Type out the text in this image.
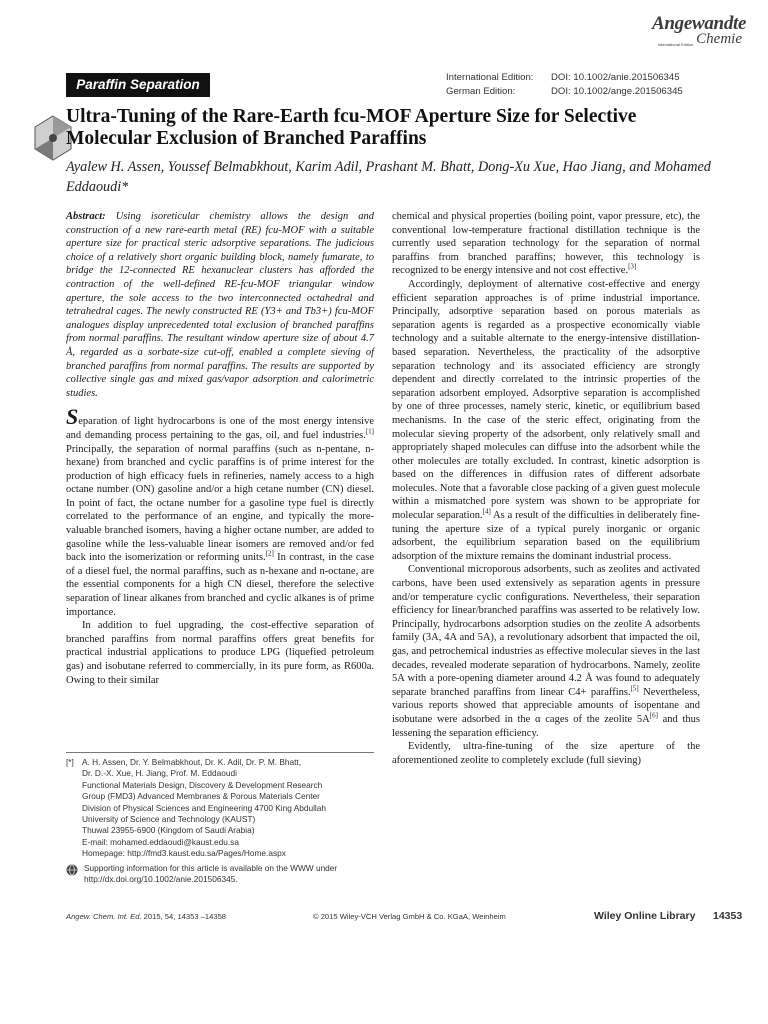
Angewandte
International Edition Chemie
Paraffin Separation	International Edition:	DOI: 10.1002/anie.201506345
German Edition:	DOI: 10.1002/ange.201506345
Ultra-Tuning of the Rare-Earth fcu-MOF Aperture Size for Selective Molecular Exclusion of Branched Paraffins
Ayalew H. Assen, Youssef Belmabkhout, Karim Adil, Prashant M. Bhatt, Dong-Xu Xue, Hao Jiang, and Mohamed Eddaoudi*

Abstract: Using isoreticular chemistry allows the design and construction of a new rare-earth metal (RE) fcu-MOF with a suitable aperture size for practical steric adsorptive separations. The judicious choice of a relatively short organic building block, namely fumarate, to bridge the 12-connected RE hexanuclear clusters has afforded the contraction of the well-defined RE-fcu-MOF triangular window aperture, the sole access to the two interconnected octahedral and tetrahedral cages. The newly constructed RE (Y3+ and Tb3+) fcu-MOF analogues display unprecedented total exclusion of branched paraffins from normal paraffins. The resultant window aperture size of about 4.7 Å, regarded as a sorbate-size cut-off, enabled a complete sieving of branched paraffins from normal paraffins. The results are supported by collective single gas and mixed gas/vapor adsorption and calorimetric studies.

Separation of light hydrocarbons is one of the most energy intensive and demanding process pertaining to the gas, oil, and fuel industries.[1] Principally, the separation of normal paraffins (such as n-pentane, n-hexane) from branched and cyclic paraffins is of prime interest for the production of high efficacy fuels in refineries, namely access to a high octane number (ON) gasoline and/or a high cetane number (CN) diesel. In point of fact, the octane number for a gasoline type fuel is directly correlated to the performance of an engine, and typically the more-valuable branched isomers, having a higher octane number, are added to gasoline while the less-valuable linear isomers are removed and/or fed back into the isomerization or reforming units.[2] In contrast, in the case of a diesel fuel, the normal paraffins, such as n-hexane and n-octane, are the essential components for a high CN diesel, therefore the selective separation of linear alkanes from branched and cyclic alkanes is of prime importance.

In addition to fuel upgrading, the cost-effective separation of branched paraffins from normal paraffins offers great benefits for practical industrial applications to produce LPG (liquefied petroleum gas) and isobutane referred to commercially, in its pure form, as R600a. Owing to their similar

chemical and physical properties (boiling point, vapor pressure, etc), the conventional low-temperature fractional distillation technique is the currently used separation technology for the separation of normal paraffins from branched paraffins; however, this technology is recognized to be energy intensive and not cost effective.[3]

Accordingly, deployment of alternative cost-effective and energy efficient separation approaches is of prime industrial importance. Principally, adsorptive separation based on porous materials as separation agents is regarded as a prospective economically viable technology and a suitable alternate to the energy-intensive distillation-based separation. Nevertheless, the practicality of the adsorptive separation technology and its associated efficiency are strongly dependent and directly correlated to the intrinsic properties of the separation adsorbent employed. Adsorptive separation is accomplished by one of three processes, namely steric, kinetic, or equilibrium based mechanisms. In the case of the steric effect, originating from the molecular sieving property of the adsorbent, only relatively small and appropriately shaped molecules can diffuse into the adsorbent while the other molecules are totally excluded. In contrast, kinetic adsorption is based on the differences in diffusion rates of different adsorbate molecules. Note that a favorable close packing of a given guest molecule within a mismatched pore system was shown to be appropriate for molecular separation.[4] As a result of the difficulties in deliberately fine-tuning the aperture size of a typical purely inorganic or organic adsorbent, the equilibrium separation based on the equilibrium adsorption of the mixture remains the dominant industrial process.

Conventional microporous adsorbents, such as zeolites and activated carbons, have been used extensively as separation agents in pressure and/or temperature cyclic configurations. Nevertheless, their separation efficiency for linear/branched paraffins was asserted to be relatively low. Principally, hydrocarbons adsorption studies on the zeolite A adsorbents family (3A, 4A and 5A), a revolutionary adsorbent that impacted the oil, gas, and petrochemical industries as effective molecular sieves in the last decades, revealed moderate separation of hydrocarbons. Namely, zeolite 5A with a pore-opening diameter around 4.2 Å was found to adequately separate branched paraffins from linear C4+ paraffins.[5] Nevertheless, various reports showed that appreciable amounts of isopentane and isobutane were adsorbed in the α cages of the zeolite 5A[6] and thus lessening the separation efficiency.

Evidently, ultra-fine-tuning of the size aperture of the aforementioned zeolite to completely exclude (full sieving)

[*] A. H. Assen, Dr. Y. Belmabkhout, Dr. K. Adil, Dr. P. M. Bhatt,
Dr. D.-X. Xue, H. Jiang, Prof. M. Eddaoudi
Functional Materials Design, Discovery & Development Research
Group (FMD3) Advanced Membranes & Porous Materials Center
Division of Physical Sciences and Engineering 4700 King Abdullah
University of Science and Technology (KAUST)
Thuwal 23955-6900 (Kingdom of Saudi Arabia)
E-mail: mohamed.eddaoudi@kaust.edu.sa
Homepage: http://fmd3.kaust.edu.sa/Pages/Home.aspx
Supporting information for this article is available on the WWW under http://dx.doi.org/10.1002/anie.201506345.
Angew. Chem. Int. Ed. 2015, 54, 14353 –14358	© 2015 Wiley-VCH Verlag GmbH & Co. KGaA, Weinheim	Wiley Online Library 14353
